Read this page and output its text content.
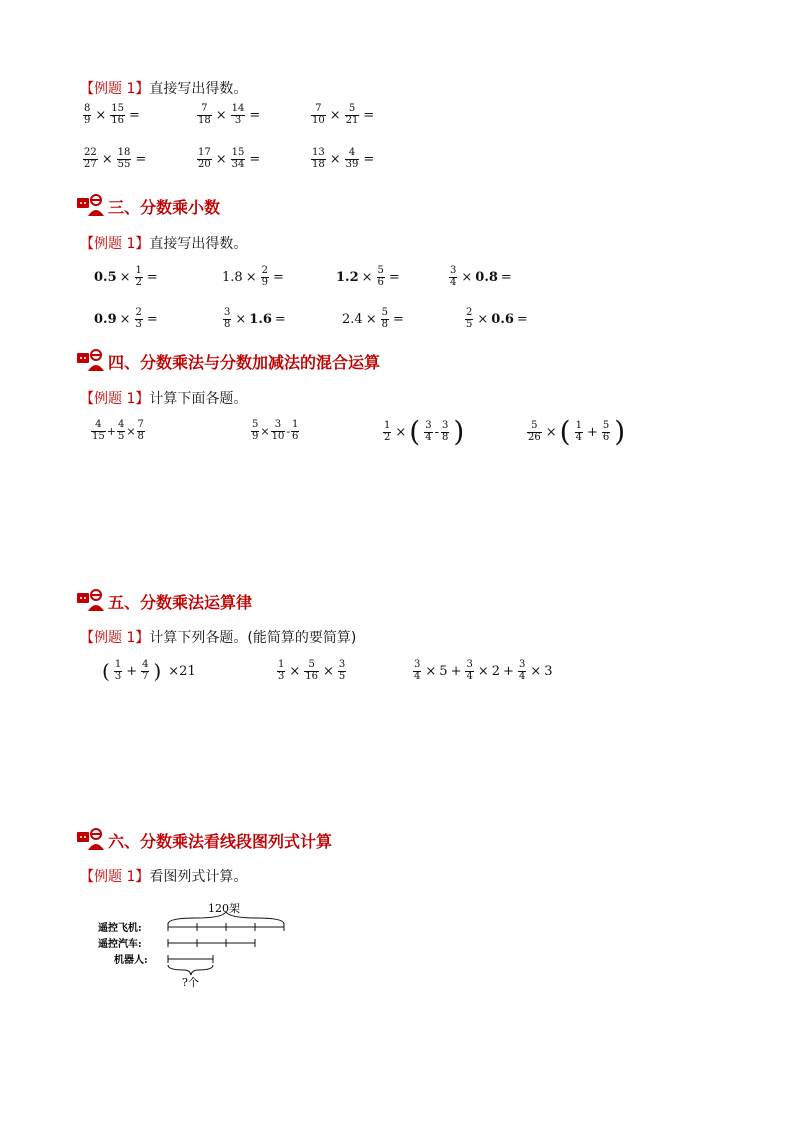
【例题 1】直接写出得数。
$\frac{8}{9} \times \frac{15}{16}$ =	$\frac{7}{18} \times \frac{14}{3}$ =	$\frac{7}{10} \times \frac{5}{21}$ =
$\frac{22}{27} \times \frac{18}{55}$ =	$\frac{17}{20} \times \frac{15}{34}$ =	$\frac{13}{18} \times \frac{4}{39}$ =
三、分数乘小数
【例题 1】直接写出得数。
$0.5 \times \frac{1}{2}$ =	$1.8 \times \frac{2}{9}$ =	$1.2 \times \frac{5}{6}$ =	$\frac{3}{4} \times 0.8$ =
$0.9 \times \frac{2}{3}$ =	$\frac{3}{8} \times 1.6$ =	$2.4 \times \frac{5}{8}$ =	$\frac{2}{5} \times 0.6$ =
四、分数乘法与分数加减法的混合运算
【例题 1】计算下面各题。
$\frac{4}{15} + \frac{4}{5} \times \frac{7}{8}$	$\frac{5}{9} \times \frac{3}{10} - \frac{1}{6}$	$\frac{1}{2}$ × ( $\frac{3}{4} - \frac{3}{8}$ )	$\frac{5}{26}$ × ( $\frac{1}{4} + \frac{5}{6}$ )
五、分数乘法运算律
【例题 1】计算下列各题。(能简算的要简算)
( $\frac{1}{3} + \frac{4}{7}$ ) ×21	$\frac{1}{3} \times \frac{5}{16} \times \frac{3}{5}$	$\frac{3}{4} \times 5 + \frac{3}{4} \times 2 + \frac{3}{4} \times 3$
六、分数乘法看线段图列式计算
【例题 1】看图列式计算。
120架
遥控飞机:
遥控汽车:
机器人:
?个
